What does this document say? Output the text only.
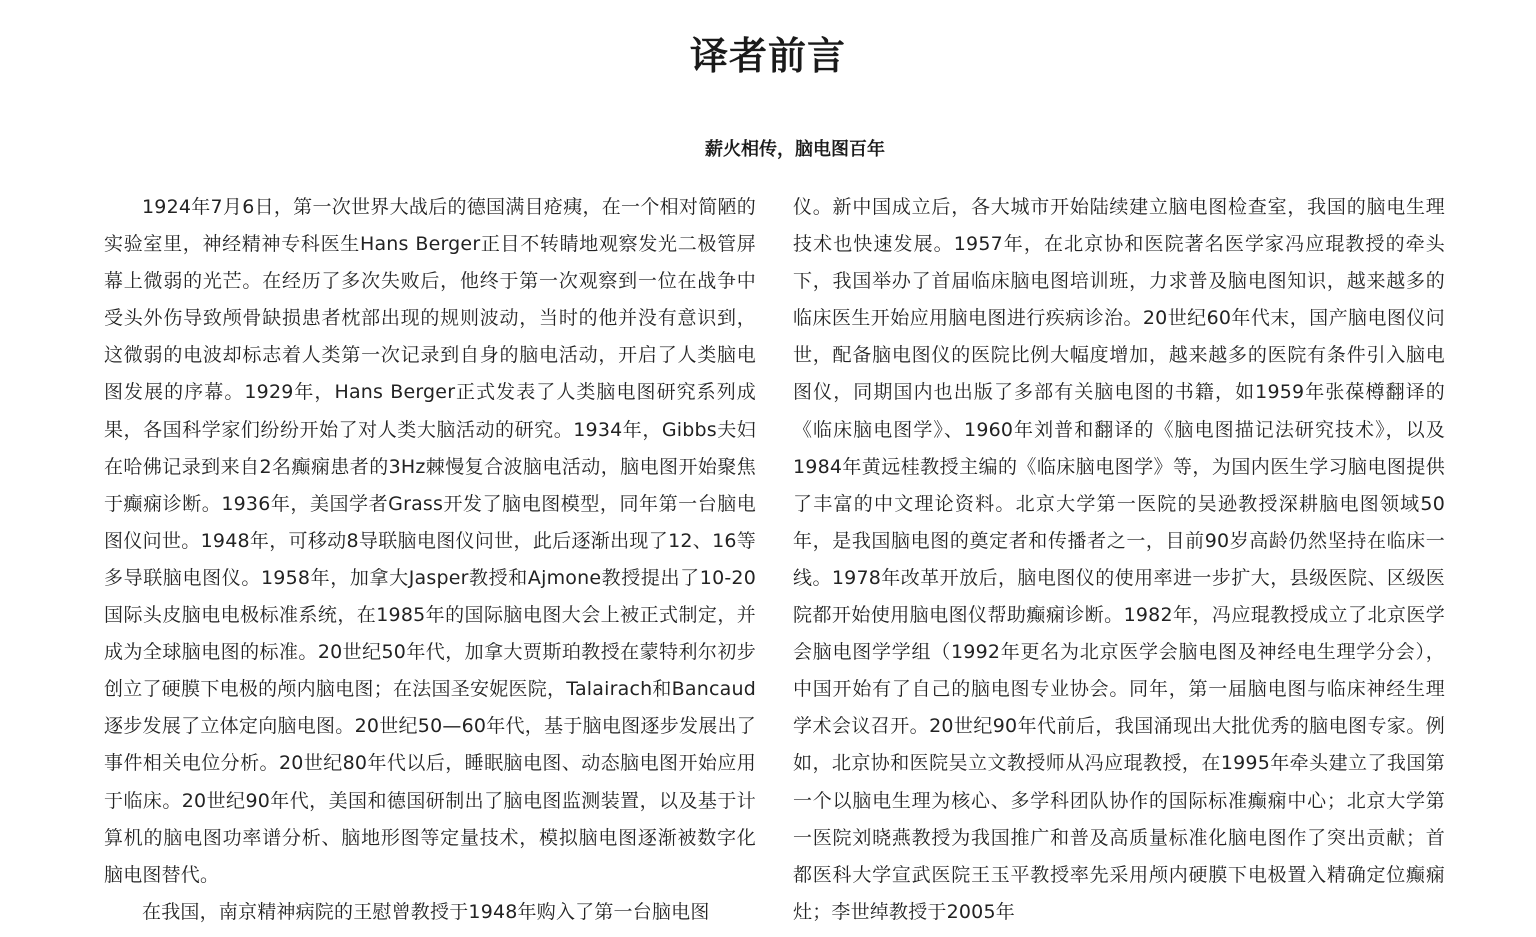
译者前言
薪火相传，脑电图百年

1924年7月6日，第一次世界大战后的德国满目疮痍，在一个相对简陋的实验室里，神经精神专科医生Hans Berger正目不转睛地观察发光二极管屏幕上微弱的光芒。在经历了多次失败后，他终于第一次观察到一位在战争中受头外伤导致颅骨缺损患者枕部出现的规则波动，当时的他并没有意识到，这微弱的电波却标志着人类第一次记录到自身的脑电活动，开启了人类脑电图发展的序幕。1929年，Hans Berger正式发表了人类脑电图研究系列成果，各国科学家们纷纷开始了对人类大脑活动的研究。1934年，Gibbs夫妇在哈佛记录到来自2名癫痫患者的3Hz棘慢复合波脑电活动，脑电图开始聚焦于癫痫诊断。1936年，美国学者Grass开发了脑电图模型，同年第一台脑电图仪问世。1948年，可移动8导联脑电图仪问世，此后逐渐出现了12、16等多导联脑电图仪。1958年，加拿大Jasper教授和Ajmone教授提出了10-20国际头皮脑电电极标准系统，在1985年的国际脑电图大会上被正式制定，并成为全球脑电图的标准。20世纪50年代，加拿大贾斯珀教授在蒙特利尔初步创立了硬膜下电极的颅内脑电图；在法国圣安妮医院，Talairach和Bancaud逐步发展了立体定向脑电图。20世纪50—60年代，基于脑电图逐步发展出了事件相关电位分析。20世纪80年代以后，睡眠脑电图、动态脑电图开始应用于临床。20世纪90年代，美国和德国研制出了脑电图监测装置，以及基于计算机的脑电图功率谱分析、脑地形图等定量技术，模拟脑电图逐渐被数字化脑电图替代。

在我国，南京精神病院的王慰曾教授于1948年购入了第一台脑电图

仪。新中国成立后，各大城市开始陆续建立脑电图检查室，我国的脑电生理技术也快速发展。1957年，在北京协和医院著名医学家冯应琨教授的牵头下，我国举办了首届临床脑电图培训班，力求普及脑电图知识，越来越多的临床医生开始应用脑电图进行疾病诊治。20世纪60年代末，国产脑电图仪问世，配备脑电图仪的医院比例大幅度增加，越来越多的医院有条件引入脑电图仪，同期国内也出版了多部有关脑电图的书籍，如1959年张葆樽翻译的《临床脑电图学》、1960年刘普和翻译的《脑电图描记法研究技术》，以及1984年黄远桂教授主编的《临床脑电图学》等，为国内医生学习脑电图提供了丰富的中文理论资料。北京大学第一医院的吴逊教授深耕脑电图领域50年，是我国脑电图的奠定者和传播者之一，目前90岁高龄仍然坚持在临床一线。1978年改革开放后，脑电图仪的使用率进一步扩大，县级医院、区级医院都开始使用脑电图仪帮助癫痫诊断。1982年，冯应琨教授成立了北京医学会脑电图学学组（1992年更名为北京医学会脑电图及神经电生理学分会），中国开始有了自己的脑电图专业协会。同年，第一届脑电图与临床神经生理学术会议召开。20世纪90年代前后，我国涌现出大批优秀的脑电图专家。例如，北京协和医院吴立文教授师从冯应琨教授，在1995年牵头建立了我国第一个以脑电生理为核心、多学科团队协作的国际标准癫痫中心；北京大学第一医院刘晓燕教授为我国推广和普及高质量标准化脑电图作了突出贡献；首都医科大学宣武医院王玉平教授率先采用颅内硬膜下电极置入精确定位癫痫灶；李世绰教授于2005年
